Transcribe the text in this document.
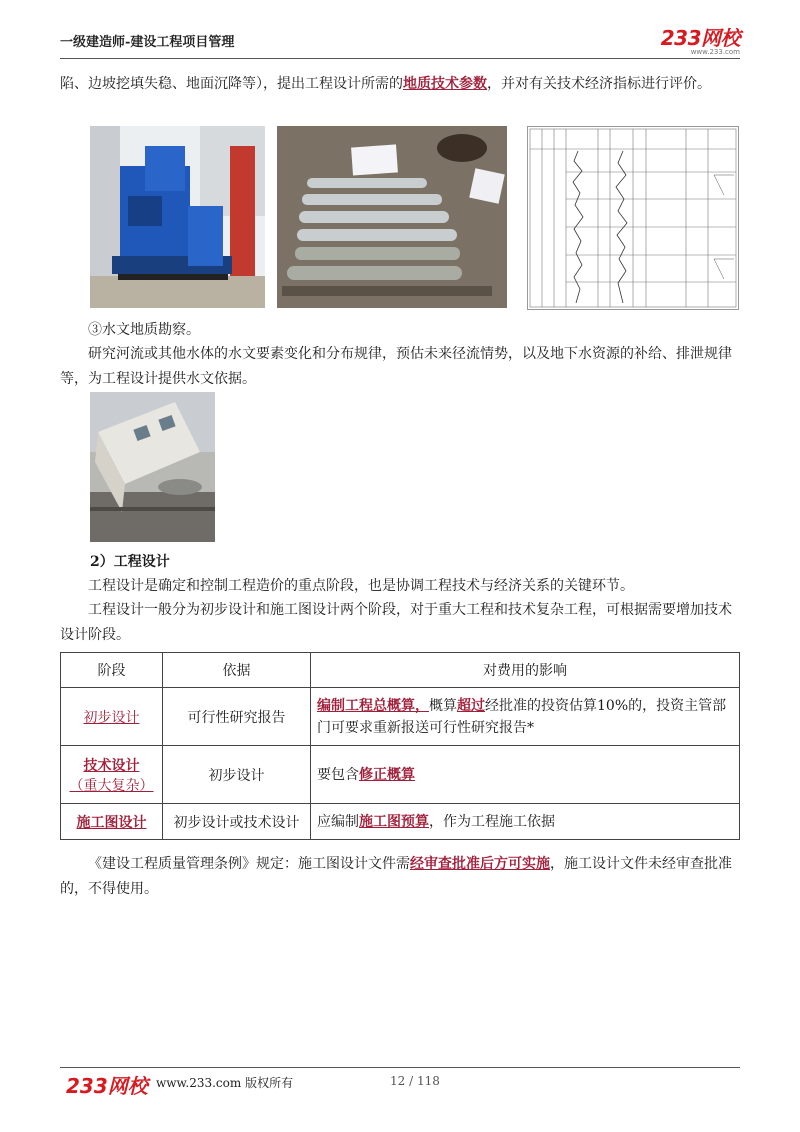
一级建造师-建设工程项目管理	233网校
www.233.com
陷、边坡挖填失稳、地面沉降等），提出工程设计所需的地质技术参数，并对有关技术经济指标进行评价。
③水文地质勘察。
研究河流或其他水体的水文要素变化和分布规律，预估未来径流情势，以及地下水资源的补给、排泄规律等，为工程设计提供水文依据。
2）工程设计
工程设计是确定和控制工程造价的重点阶段，也是协调工程技术与经济关系的关键环节。
工程设计一般分为初步设计和施工图设计两个阶段，对于重大工程和技术复杂工程，可根据需要增加技术设计阶段。
阶段	依据	对费用的影响
初步设计	可行性研究报告	编制工程总概算，概算超过经批准的投资估算10%的，投资主管部门可要求重新报送可行性研究报告*
技术设计
（重大复杂）	初步设计	要包含修正概算
施工图设计	初步设计或技术设计	应编制施工图预算，作为工程施工依据
《建设工程质量管理条例》规定：施工图设计文件需经审查批准后方可实施，施工设计文件未经审查批准的，不得使用。
233网校 www.233.com 版权所有	12 / 118
